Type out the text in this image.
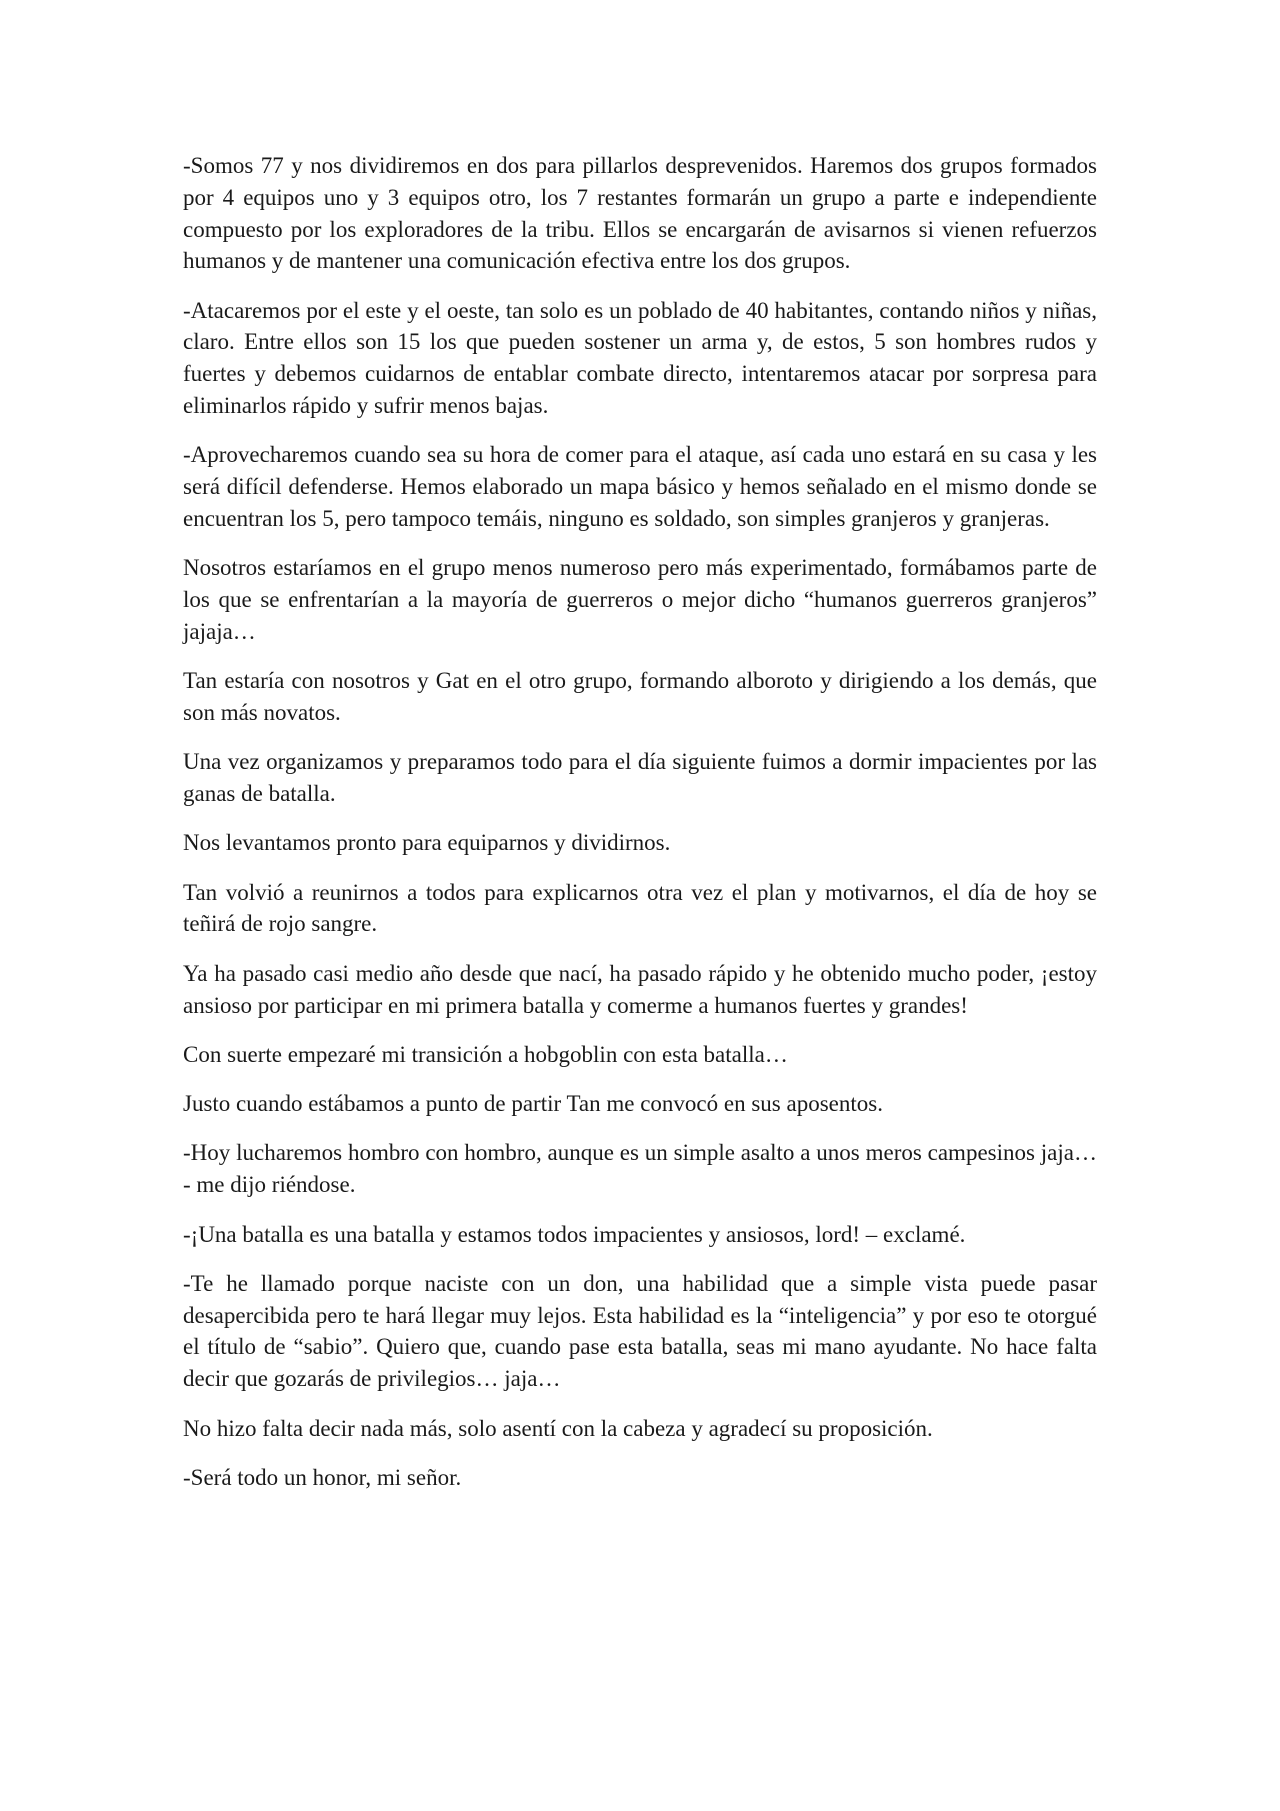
-Somos 77 y nos dividiremos en dos para pillarlos desprevenidos. Haremos dos grupos formados por 4 equipos uno y 3 equipos otro, los 7 restantes formarán un grupo a parte e independiente compuesto por los exploradores de la tribu. Ellos se encargarán de avisarnos si vienen refuerzos humanos y de mantener una comunicación efectiva entre los dos grupos.

-Atacaremos por el este y el oeste, tan solo es un poblado de 40 habitantes, contando niños y niñas, claro. Entre ellos son 15 los que pueden sostener un arma y, de estos, 5 son hombres rudos y fuertes y debemos cuidarnos de entablar combate directo, intentaremos atacar por sorpresa para eliminarlos rápido y sufrir menos bajas.

-Aprovecharemos cuando sea su hora de comer para el ataque, así cada uno estará en su casa y les será difícil defenderse. Hemos elaborado un mapa básico y hemos señalado en el mismo donde se encuentran los 5, pero tampoco temáis, ninguno es soldado, son simples granjeros y granjeras.

Nosotros estaríamos en el grupo menos numeroso pero más experimentado, formábamos parte de los que se enfrentarían a la mayoría de guerreros o mejor dicho “humanos guerreros granjeros” jajaja…

Tan estaría con nosotros y Gat en el otro grupo, formando alboroto y dirigiendo a los demás, que son más novatos.

Una vez organizamos y preparamos todo para el día siguiente fuimos a dormir impacientes por las ganas de batalla.

Nos levantamos pronto para equiparnos y dividirnos.

Tan volvió a reunirnos a todos para explicarnos otra vez el plan y motivarnos, el día de hoy se teñirá de rojo sangre.

Ya ha pasado casi medio año desde que nací, ha pasado rápido y he obtenido mucho poder, ¡estoy ansioso por participar en mi primera batalla y comerme a humanos fuertes y grandes!

Con suerte empezaré mi transición a hobgoblin con esta batalla…

Justo cuando estábamos a punto de partir Tan me convocó en sus aposentos.

-Hoy lucharemos hombro con hombro, aunque es un simple asalto a unos meros campesinos jaja… - me dijo riéndose.

-¡Una batalla es una batalla y estamos todos impacientes y ansiosos, lord! – exclamé.

-Te he llamado porque naciste con un don, una habilidad que a simple vista puede pasar desapercibida pero te hará llegar muy lejos. Esta habilidad es la “inteligencia” y por eso te otorgué el título de “sabio”. Quiero que, cuando pase esta batalla, seas mi mano ayudante. No hace falta decir que gozarás de privilegios… jaja…

No hizo falta decir nada más, solo asentí con la cabeza y agradecí su proposición.

-Será todo un honor, mi señor.
